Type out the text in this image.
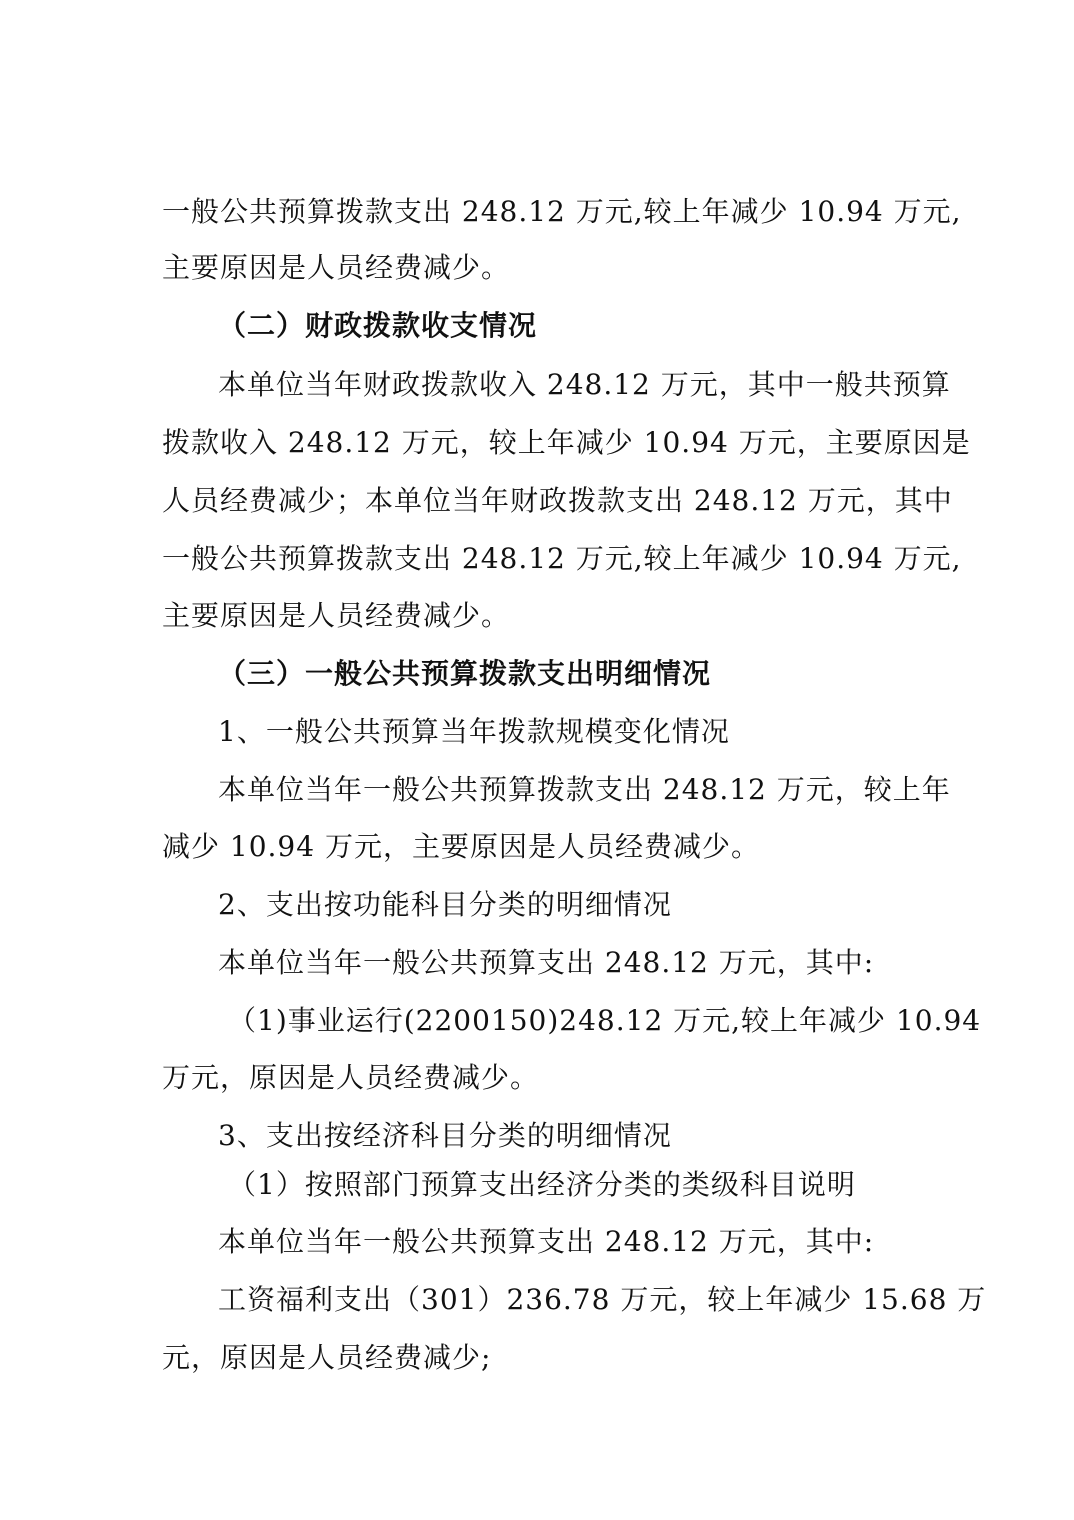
一般公共预算拨款支出 248.12 万元,较上年减少 10.94 万元,
主要原因是人员经费减少。
（二）财政拨款收支情况
本单位当年财政拨款收入 248.12 万元，其中一般共预算
拨款收入 248.12 万元，较上年减少 10.94 万元，主要原因是
人员经费减少；本单位当年财政拨款支出 248.12 万元，其中
一般公共预算拨款支出 248.12 万元,较上年减少 10.94 万元,
主要原因是人员经费减少。
（三）一般公共预算拨款支出明细情况
1、一般公共预算当年拨款规模变化情况
本单位当年一般公共预算拨款支出 248.12 万元，较上年
减少 10.94 万元，主要原因是人员经费减少。
2、支出按功能科目分类的明细情况
本单位当年一般公共预算支出 248.12 万元，其中:
（1)事业运行(2200150)248.12 万元,较上年减少 10.94
万元，原因是人员经费减少。
3、支出按经济科目分类的明细情况
（1）按照部门预算支出经济分类的类级科目说明
本单位当年一般公共预算支出 248.12 万元，其中:
工资福利支出（301）236.78 万元，较上年减少 15.68 万
元，原因是人员经费减少;
